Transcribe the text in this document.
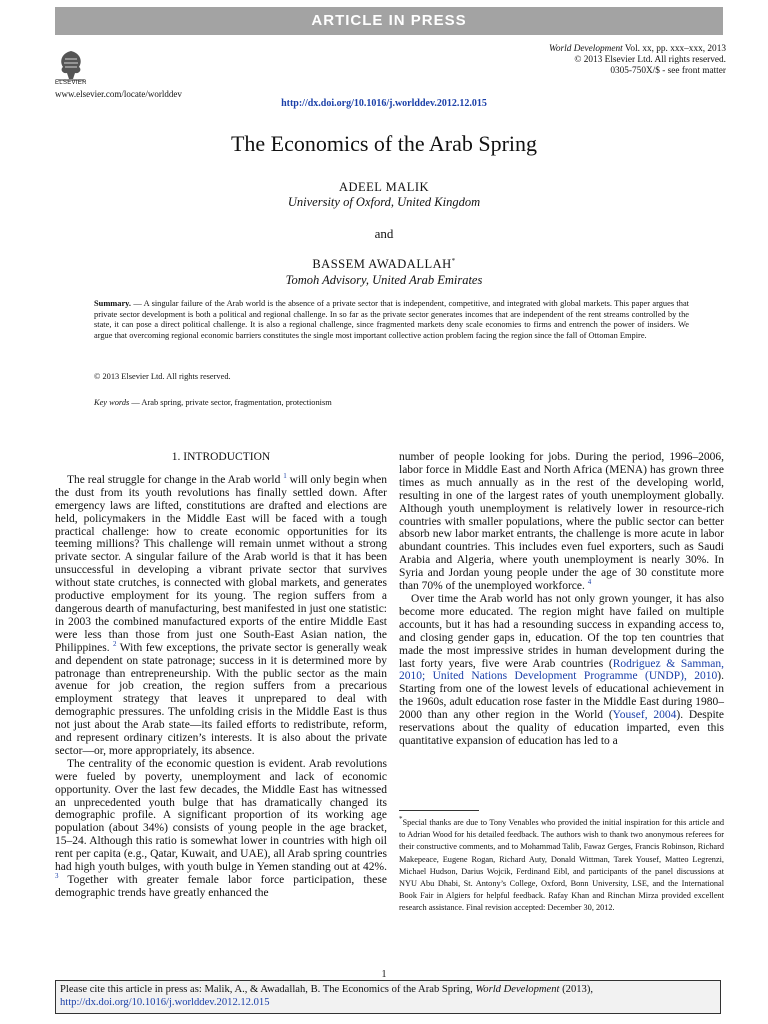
ARTICLE IN PRESS
ELSEVIER
www.elsevier.com/locate/worlddev
World Development Vol. xx, pp. xxx–xxx, 2013
© 2013 Elsevier Ltd. All rights reserved.
0305-750X/$ - see front matter
http://dx.doi.org/10.1016/j.worlddev.2012.12.015
The Economics of the Arab Spring
ADEEL MALIK
University of Oxford, United Kingdom
and
BASSEM AWADALLAH*
Tomoh Advisory, United Arab Emirates
Summary. — A singular failure of the Arab world is the absence of a private sector that is independent, competitive, and integrated with global markets. This paper argues that private sector development is both a political and regional challenge. In so far as the private sector generates incomes that are independent of the rent streams controlled by the state, it can pose a direct political challenge. It is also a regional challenge, since fragmented markets deny scale economies to firms and entrench the power of insiders. We argue that overcoming regional economic barriers constitutes the single most important collective action problem facing the region since the fall of Ottoman Empire.
© 2013 Elsevier Ltd. All rights reserved.
Key words — Arab spring, private sector, fragmentation, protectionism

1. INTRODUCTION

The real struggle for change in the Arab world $^1$ will only begin when the dust from its youth revolutions has finally settled down. After emergency laws are lifted, constitutions are drafted and elections are held, policymakers in the Middle East will be faced with a tough practical challenge: how to create economic opportunities for its teeming millions? This challenge will remain unmet without a strong private sector. A singular failure of the Arab world is that it has been unsuccessful in developing a vibrant private sector that survives without state crutches, is connected with global markets, and generates productive employment for its young. The region suffers from a dangerous dearth of manufacturing, best manifested in just one statistic: in 2003 the combined manufactured exports of the entire Middle East were less than those from just one South-East Asian nation, the Philippines. $^2$ With few exceptions, the private sector is generally weak and dependent on state patronage; success in it is determined more by patronage than entrepreneurship. With the public sector as the main avenue for job creation, the region suffers from a precarious employment strategy that leaves it unprepared to deal with demographic pressures. The unfolding crisis in the Middle East is thus not just about the Arab state—its failed efforts to redistribute, reform, and represent ordinary citizen’s interests. It is also about the private sector—or, more appropriately, its absence.

The centrality of the economic question is evident. Arab revolutions were fueled by poverty, unemployment and lack of economic opportunity. Over the last few decades, the Middle East has witnessed an unprecedented youth bulge that has dramatically changed its demographic profile. A significant proportion of its working age population (about 34%) consists of young people in the age bracket, 15–24. Although this ratio is somewhat lower in countries with high oil rent per capita (e.g., Qatar, Kuwait, and UAE), all Arab spring countries had high youth bulges, with youth bulge in Yemen standing out at 42%. $^3$ Together with greater female labor force participation, these demographic trends have greatly enhanced the

number of people looking for jobs. During the period, 1996–2006, labor force in Middle East and North Africa (MENA) has grown three times as much annually as in the rest of the developing world, resulting in one of the largest rates of youth unemployment globally. Although youth unemployment is relatively lower in resource-rich countries with smaller populations, where the public sector can better absorb new labor market entrants, the challenge is more acute in labor abundant countries. This includes even fuel exporters, such as Saudi Arabia and Algeria, where youth unemployment is nearly 30%. In Syria and Jordan young people under the age of 30 constitute more than 70% of the unemployed workforce. $^4$

Over time the Arab world has not only grown younger, it has also become more educated. The region might have failed on multiple accounts, but it has had a resounding success in expanding access to, and closing gender gaps in, education. Of the top ten countries that made the most impressive strides in human development during the last forty years, five were Arab countries (Rodriguez & Samman, 2010; United Nations Development Programme (UNDP), 2010). Starting from one of the lowest levels of educational achievement in the 1960s, adult education rose faster in the Middle East during 1980–2000 than any other region in the World (Yousef, 2004). Despite reservations about the quality of education imparted, even this quantitative expansion of education has led to a

*Special thanks are due to Tony Venables who provided the initial inspiration for this article and to Adrian Wood for his detailed feedback. The authors wish to thank two anonymous referees for their constructive comments, and to Mohammad Talib, Fawaz Gerges, Francis Robinson, Richard Makepeace, Eugene Rogan, Richard Auty, Donald Wittman, Tarek Yousef, Matteo Legrenzi, Michael Hudson, Darius Wojcik, Ferdinand Eibl, and participants of the panel discussions at NYU Abu Dhabi, St. Antony’s College, Oxford, Bonn University, LSE, and the International Book Fair in Algiers for helpful feedback. Rafay Khan and Rinchan Mirza provided excellent research assistance. Final revision accepted: December 30, 2012.
1
Please cite this article in press as: Malik, A., & Awadallah, B. The Economics of the Arab Spring, World Development (2013), http://dx.doi.org/10.1016/j.worlddev.2012.12.015
